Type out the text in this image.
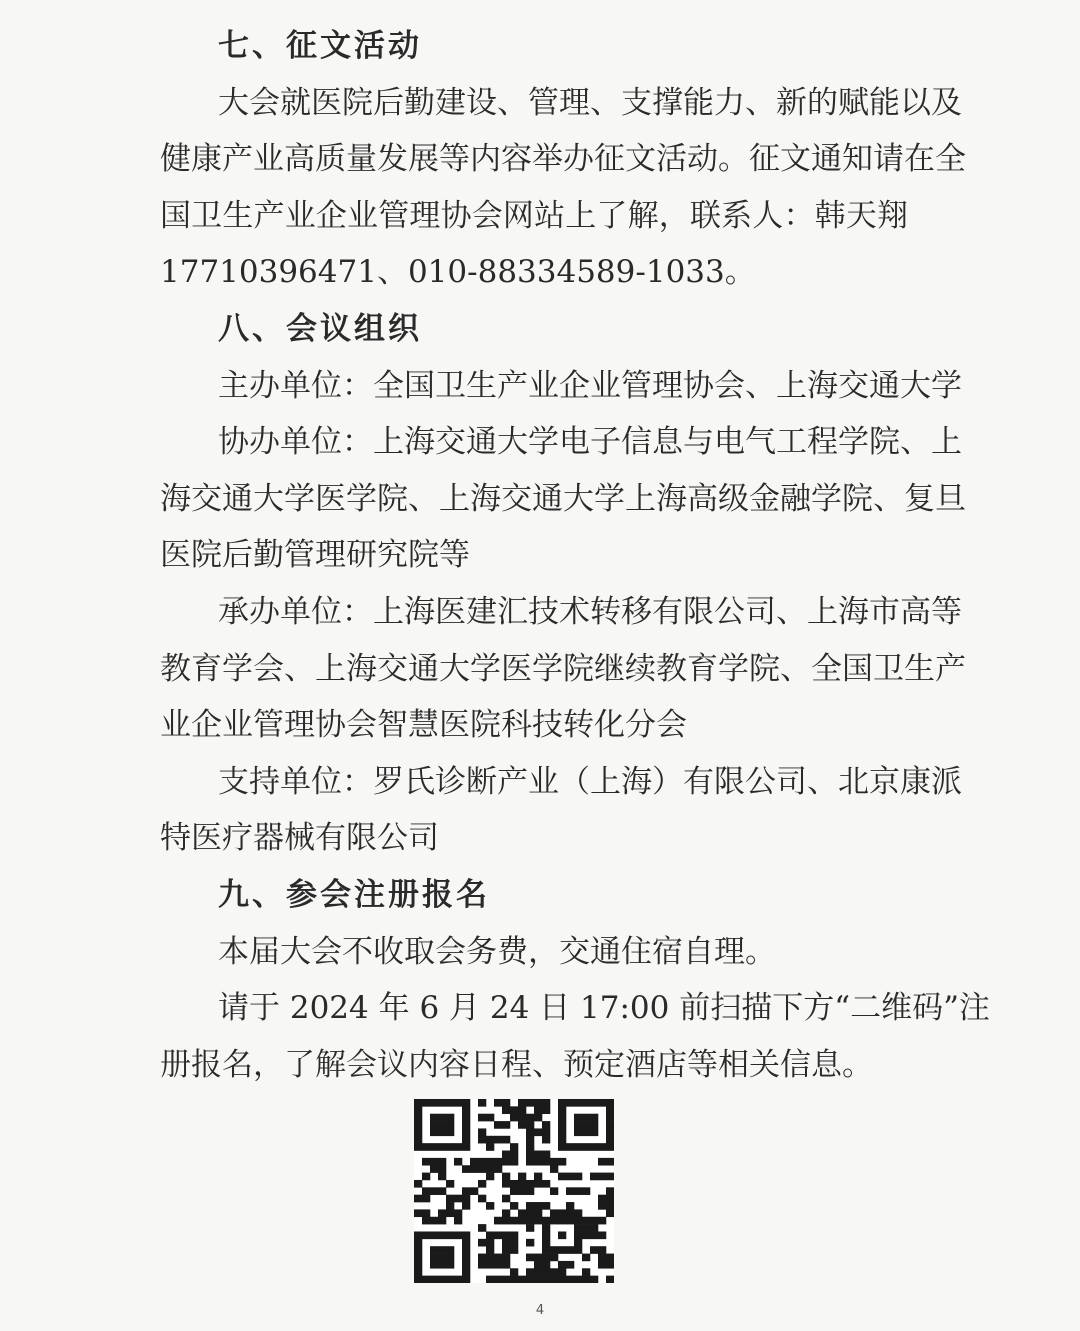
七、征文活动
大会就医院后勤建设、管理、支撑能力、新的赋能以及
健康产业高质量发展等内容举办征文活动。征文通知请在全
国卫生产业企业管理协会网站上了解，联系人：韩天翔
17710396471、010-88334589-1033。
八、会议组织
主办单位：全国卫生产业企业管理协会、上海交通大学
协办单位：上海交通大学电子信息与电气工程学院、上
海交通大学医学院、上海交通大学上海高级金融学院、复旦
医院后勤管理研究院等
承办单位：上海医建汇技术转移有限公司、上海市高等
教育学会、上海交通大学医学院继续教育学院、全国卫生产
业企业管理协会智慧医院科技转化分会
支持单位：罗氏诊断产业（上海）有限公司、北京康派
特医疗器械有限公司
九、参会注册报名
本届大会不收取会务费，交通住宿自理。
请于 2024 年 6 月 24 日 17:00 前扫描下方“二维码”注
册报名，了解会议内容日程、预定酒店等相关信息。
4
